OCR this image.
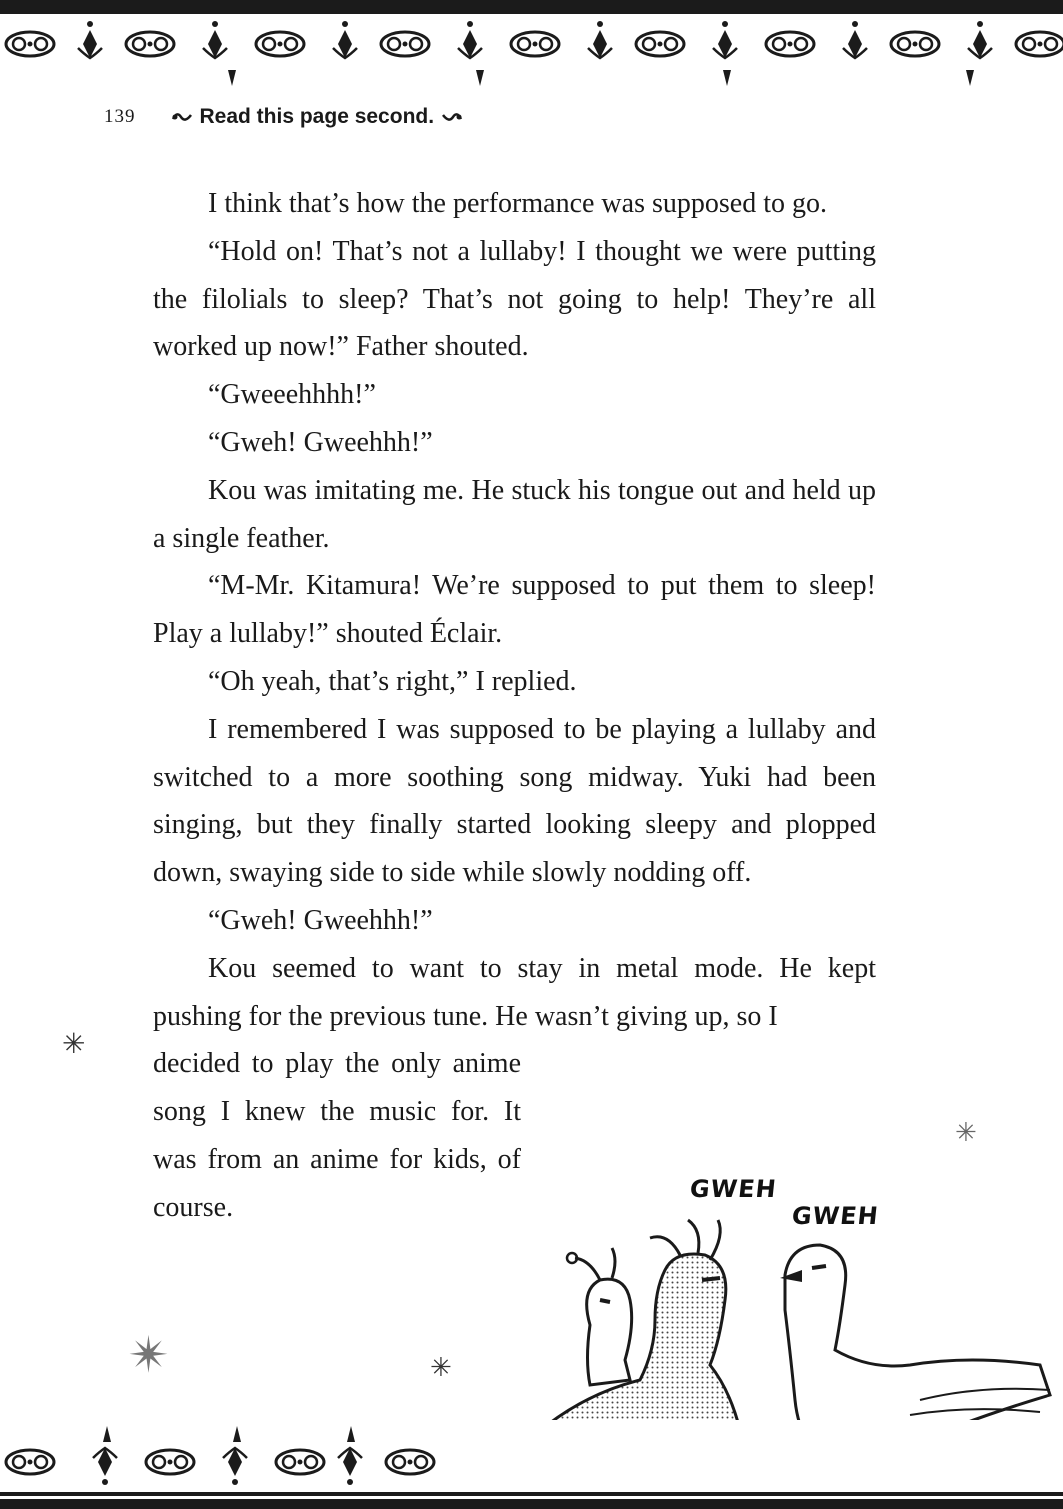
139	Read this page second.

I think that’s how the performance was supposed to go.

“Hold on! That’s not a lullaby! I thought we were putting the filolials to sleep? That’s not going to help! They’re all worked up now!” Father shouted.

“Gweeehhhh!”

“Gweh! Gweehhh!”

Kou was imitating me. He stuck his tongue out and held up a single feather.

“M-Mr. Kitamura! We’re supposed to put them to sleep! Play a lullaby!” shouted Éclair.

“Oh yeah, that’s right,” I replied.

I remembered I was supposed to be playing a lullaby and switched to a more soothing song midway. Yuki had been singing, but they finally started looking sleepy and plopped down, swaying side to side while slowly nodding off.

“Gweh! Gweehhh!”

Kou seemed to want to stay in metal mode. He kept pushing for the previous tune. He wasn’t giving up, so I

decided to play the only anime song I knew the music for. It was from an anime for kids, of course.

✳
✳
✴	✳
GWEH
GWEH
